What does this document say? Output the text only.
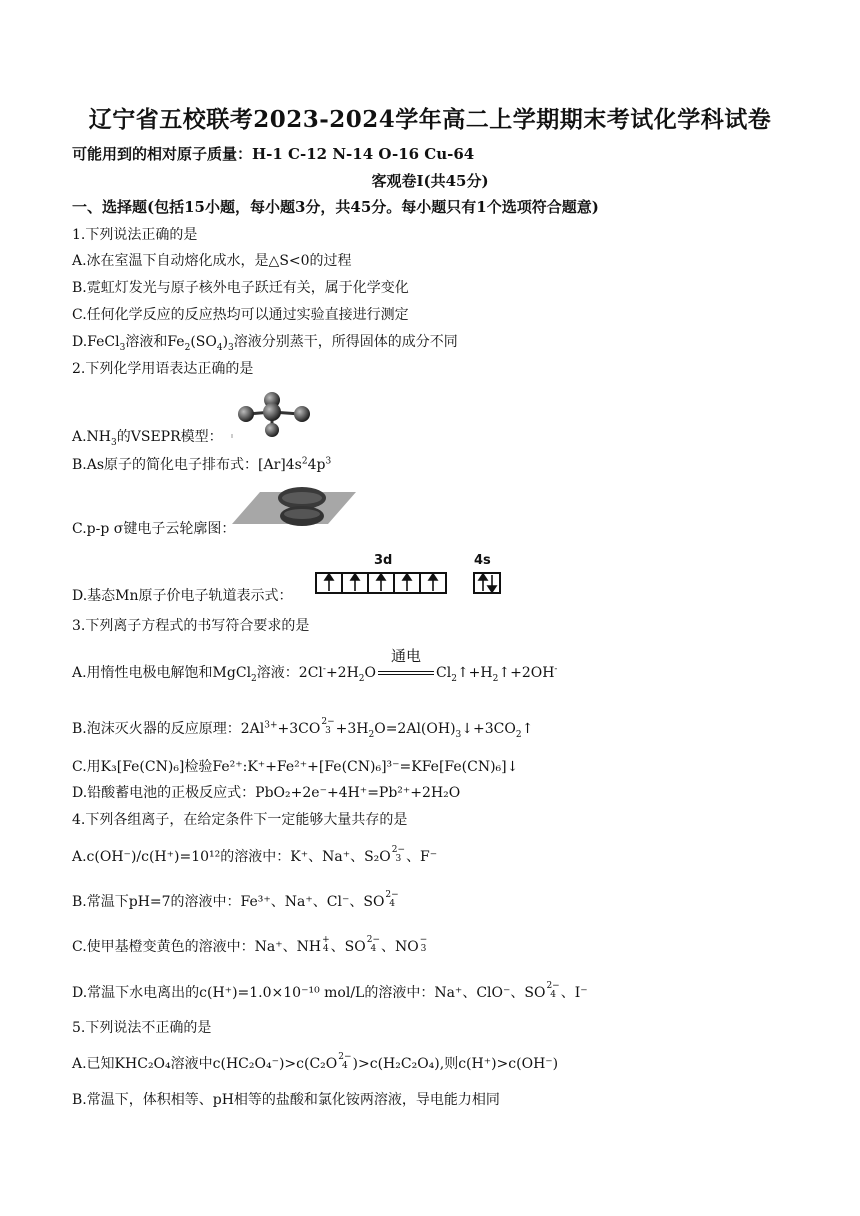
辽宁省五校联考2023-2024学年高二上学期期末考试化学科试卷
可能用到的相对原子质量：H-1 C-12 N-14 O-16 Cu-64
客观卷Ⅰ(共45分)
一、选择题(包括15小题，每小题3分，共45分。每小题只有1个选项符合题意)
1.下列说法正确的是
A.冰在室温下自动熔化成水，是△S<0的过程
B.霓虹灯发光与原子核外电子跃迁有关，属于化学变化
C.任何化学反应的反应热均可以通过实验直接进行测定
D.FeCl$_3$溶液和$Fe_2(SO_4)_3$溶液分别蒸干，所得固体的成分不同
2.下列化学用语表达正确的是
$A.NH_3$的VSEPR模型：
B.As原子的简化电子排布式：$[Ar]4s^24p^3$
C.p-p σ键电子云轮廓图：
3d	4s
D.基态Mn原子价电子轨道表示式：
3.下列离子方程式的书写符合要求的是
A.用惰性电极电解饱和MgCl$_2$溶液：$2Cl^-+2H_2O$
通电
$Cl_2↑+H_2↑+2OH^-$
B.泡沫灭火器的反应原理：$2Al^{3+}+3CO$ 2−
$3 +3H_2O=2Al(OH)_3↓+3CO_2↑$
C.用K₃[Fe(CN)₆]检验Fe²⁺:K⁺+Fe²⁺+[Fe(CN)₆]³⁻=KFe[Fe(CN)₆]↓
D.铅酸蓄电池的正极反应式：PbO₂+2e⁻+4H⁺=Pb²⁺+2H₂O
4.下列各组离子，在给定条件下一定能够大量共存的是
A.c(OH⁻)/c(H⁺)=10¹²的溶液中：K⁺、Na⁺、S₂O 2−
3 、F⁻
B.常温下pH=7的溶液中：Fe³⁺、Na⁺、Cl⁻、SO 2−
4
C.使甲基橙变黄色的溶液中：Na⁺、NH +
4 、SO 2−
4 、NO −
3
D.常温下水电离出的c(H⁺)=1.0×10⁻¹⁰ mol/L的溶液中：Na⁺、ClO⁻、SO 2−
4 、I⁻
5.下列说法不正确的是
A.已知KHC₂O₄溶液中c(HC₂O₄⁻)>c(C₂O 2−
4 )>c(H₂C₂O₄),则c(H⁺)>c(OH⁻)
B.常温下，体积相等、pH相等的盐酸和氯化铵两溶液，导电能力相同
